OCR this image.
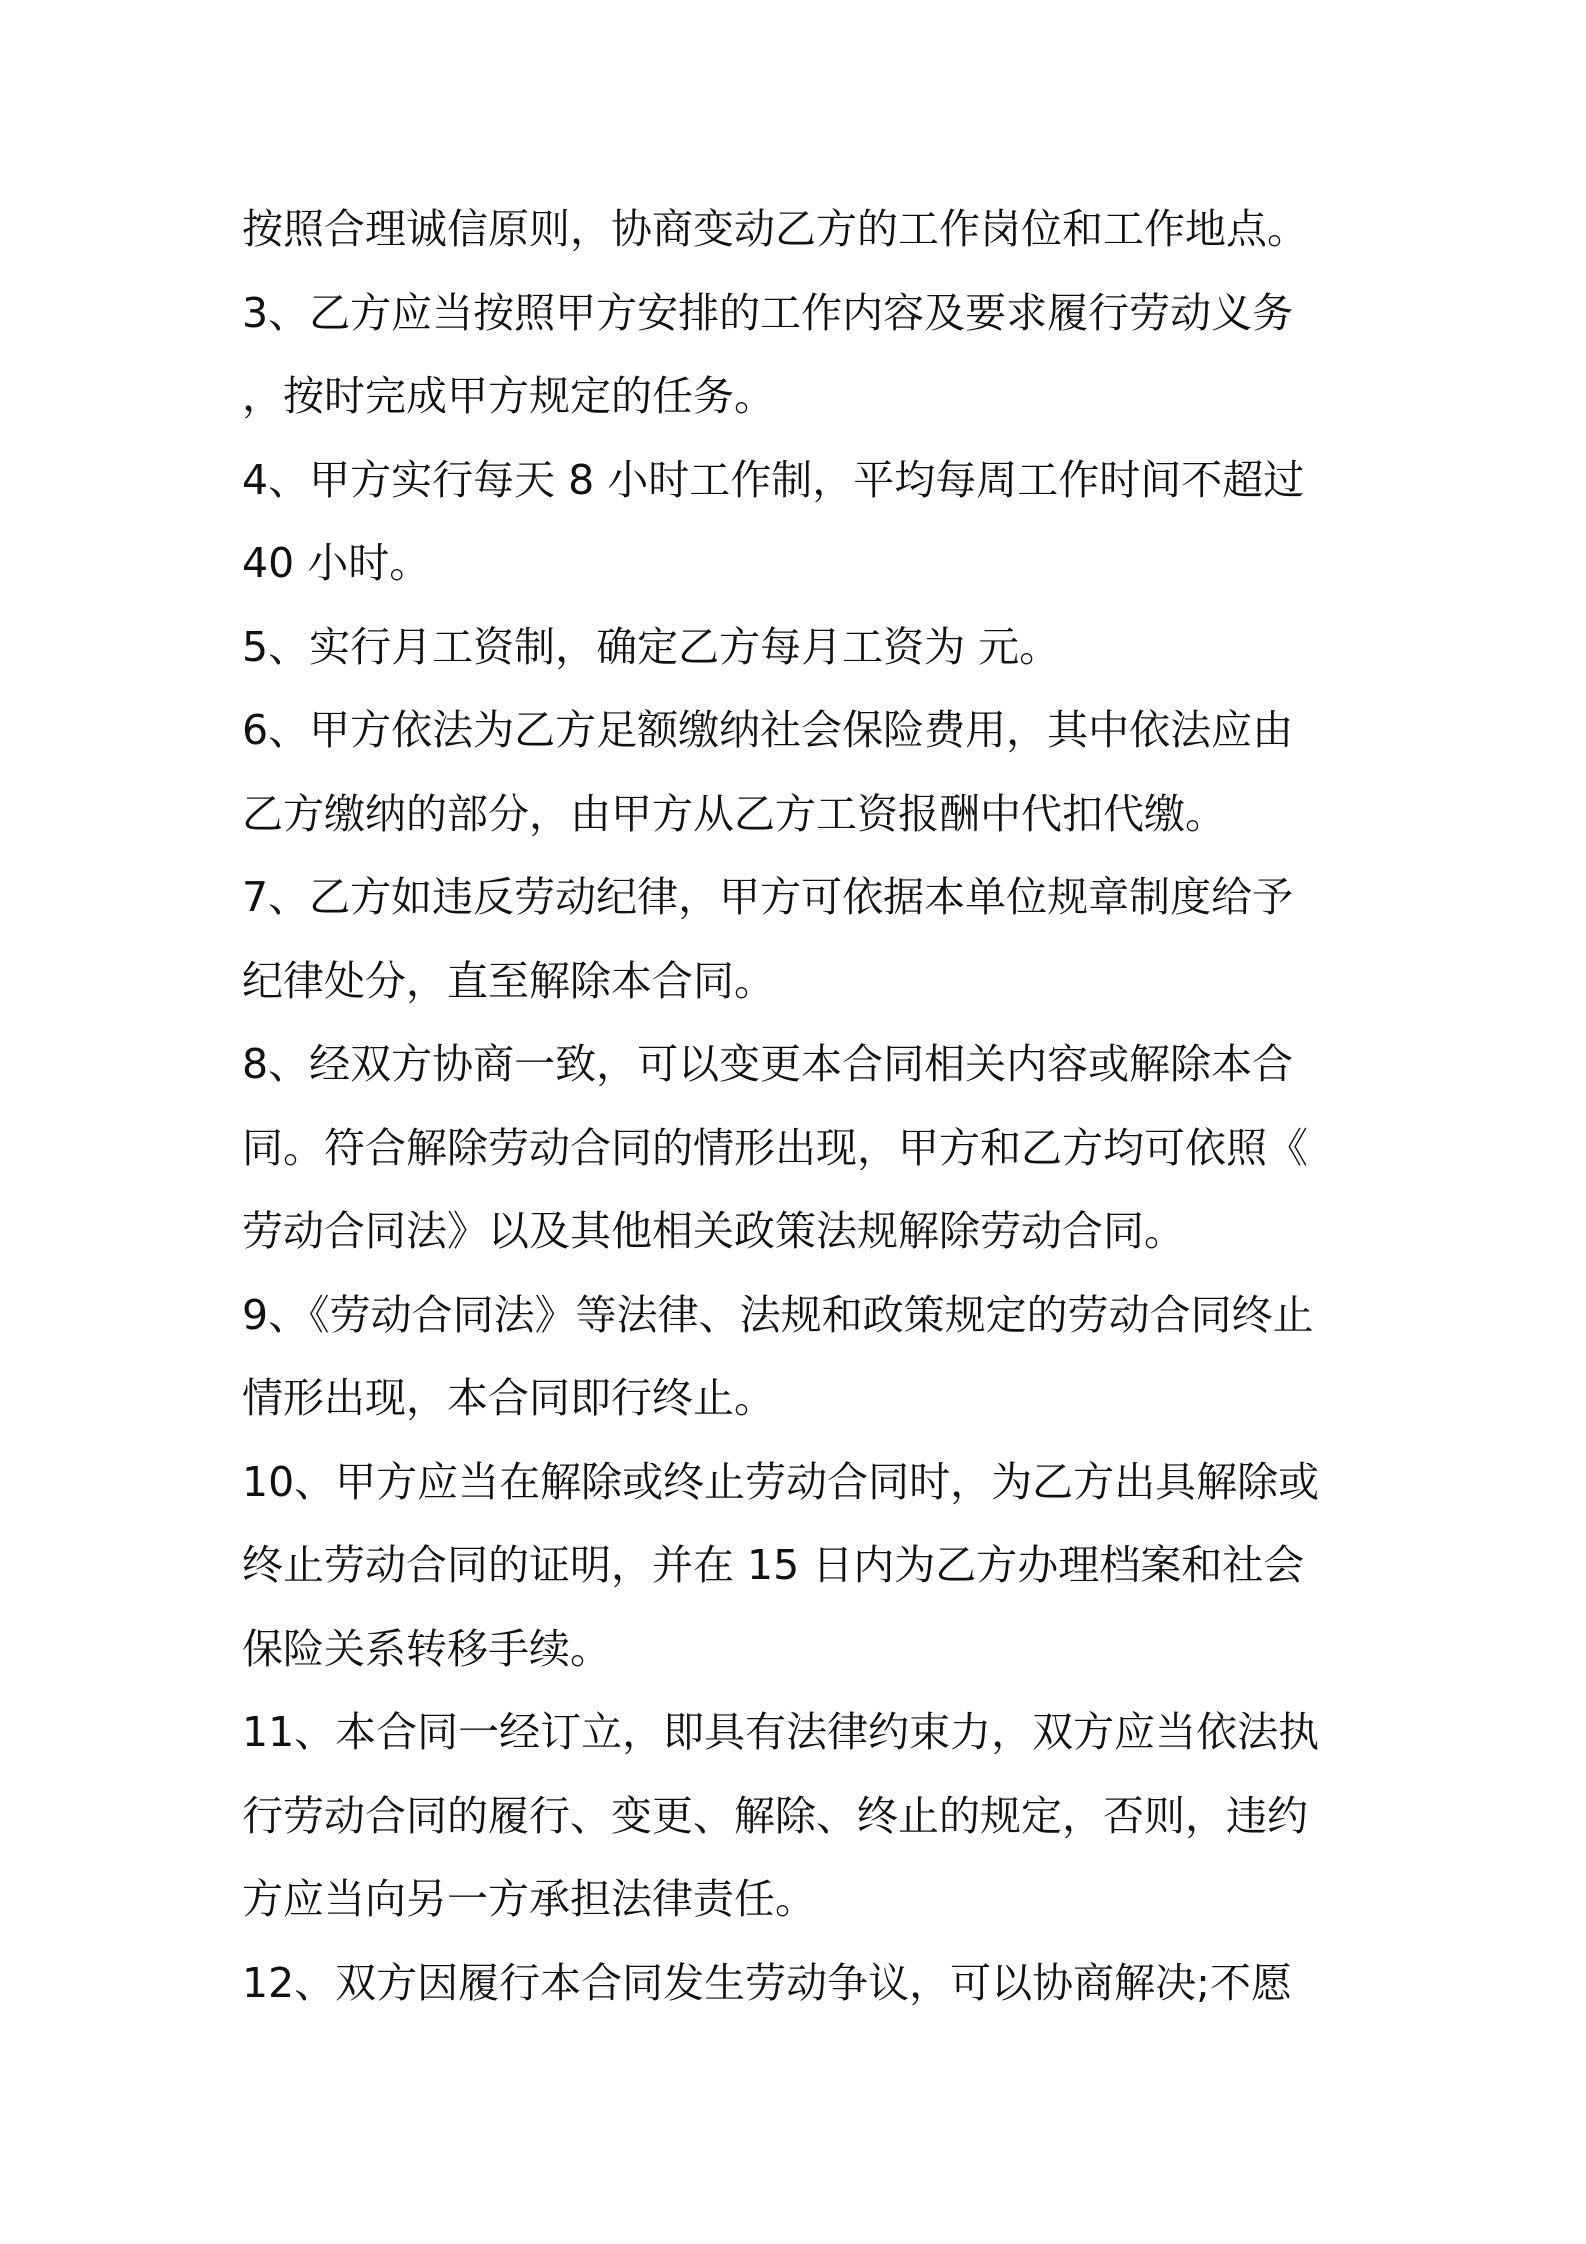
按照合理诚信原则，协商变动乙方的工作岗位和工作地点。
3、乙方应当按照甲方安排的工作内容及要求履行劳动义务
，按时完成甲方规定的任务。
4、甲方实行每天 8 小时工作制，平均每周工作时间不超过
40 小时。
5、实行月工资制，确定乙方每月工资为 元。
6、甲方依法为乙方足额缴纳社会保险费用，其中依法应由
乙方缴纳的部分，由甲方从乙方工资报酬中代扣代缴。
7、乙方如违反劳动纪律，甲方可依据本单位规章制度给予
纪律处分，直至解除本合同。
8、经双方协商一致，可以变更本合同相关内容或解除本合
同。符合解除劳动合同的情形出现，甲方和乙方均可依照《
劳动合同法》以及其他相关政策法规解除劳动合同。
9、《劳动合同法》等法律、法规和政策规定的劳动合同终止
情形出现，本合同即行终止。
10、甲方应当在解除或终止劳动合同时，为乙方出具解除或
终止劳动合同的证明，并在 15 日内为乙方办理档案和社会
保险关系转移手续。
11、本合同一经订立，即具有法律约束力，双方应当依法执
行劳动合同的履行、变更、解除、终止的规定，否则，违约
方应当向另一方承担法律责任。
12、双方因履行本合同发生劳动争议，可以协商解决;不愿
